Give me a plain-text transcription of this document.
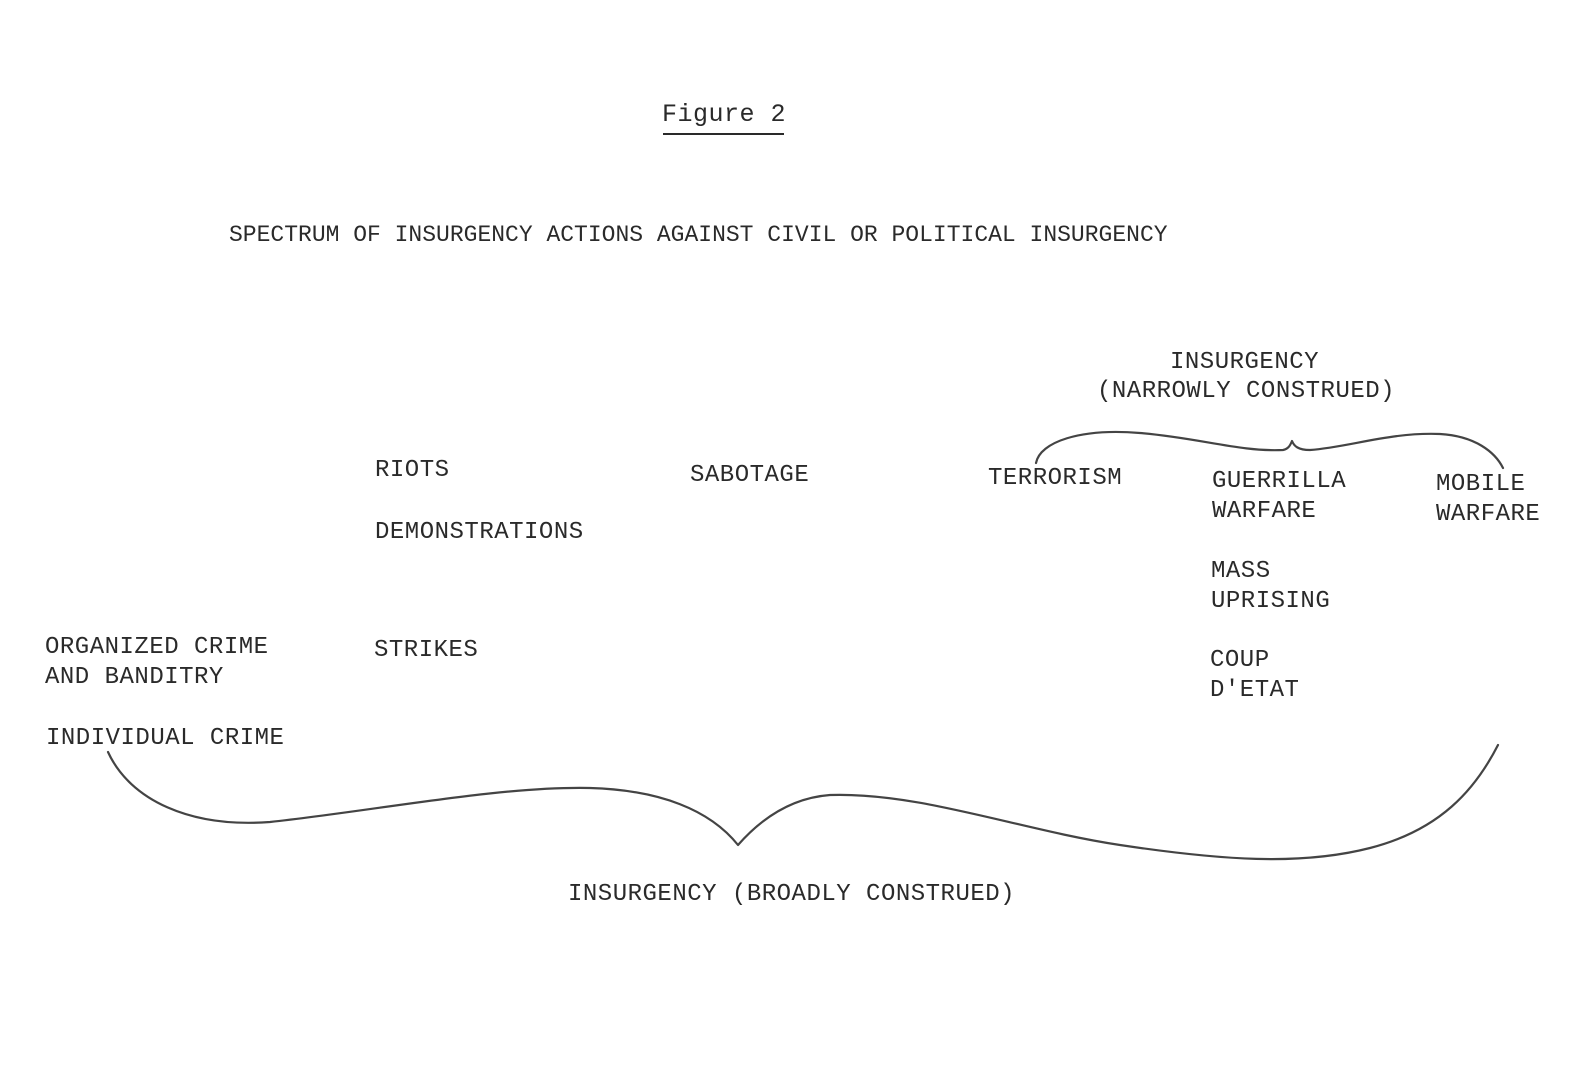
Figure 2
SPECTRUM OF INSURGENCY ACTIONS AGAINST CIVIL OR POLITICAL INSURGENCY
INSURGENCY
(NARROWLY CONSTRUED)
RIOTS
DEMONSTRATIONS
STRIKES
SABOTAGE	TERRORISM	GUERRILLA
WARFARE
MOBILE
WARFARE
MASS
UPRISING
COUP
D'ETAT
ORGANIZED CRIME
AND BANDITRY
INDIVIDUAL CRIME
INSURGENCY (BROADLY CONSTRUED)
